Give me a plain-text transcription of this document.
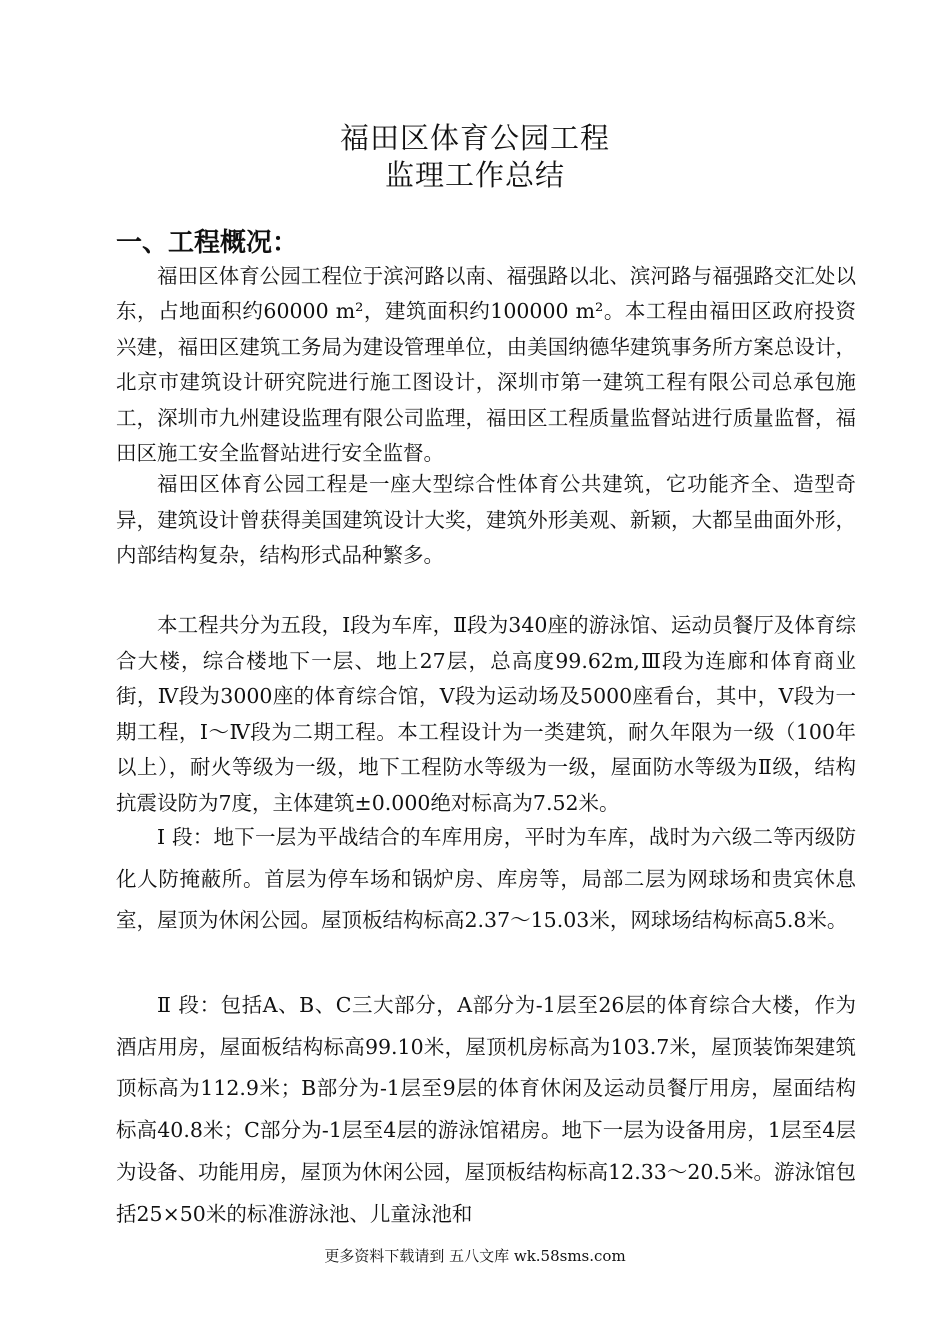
福田区体育公园工程
监理工作总结
一、工程概况：

福田区体育公园工程位于滨河路以南、福强路以北、滨河路与福强路交汇处以东，占地面积约60000 m²，建筑面积约100000 m²。本工程由福田区政府投资兴建，福田区建筑工务局为建设管理单位，由美国纳德华建筑事务所方案总设计，北京市建筑设计研究院进行施工图设计，深圳市第一建筑工程有限公司总承包施工，深圳市九州建设监理有限公司监理，福田区工程质量监督站进行质量监督，福田区施工安全监督站进行安全监督。

福田区体育公园工程是一座大型综合性体育公共建筑，它功能齐全、造型奇异，建筑设计曾获得美国建筑设计大奖，建筑外形美观、新颖，大都呈曲面外形，内部结构复杂，结构形式品种繁多。

本工程共分为五段，Ⅰ段为车库，Ⅱ段为340座的游泳馆、运动员餐厅及体育综合大楼，综合楼地下一层、地上27层，总高度99.62m,Ⅲ段为连廊和体育商业街，Ⅳ段为3000座的体育综合馆，Ⅴ段为运动场及5000座看台，其中，Ⅴ段为一期工程，Ⅰ～Ⅳ段为二期工程。本工程设计为一类建筑，耐久年限为一级（100年以上），耐火等级为一级，地下工程防水等级为一级，屋面防水等级为Ⅱ级，结构抗震设防为7度，主体建筑±0.000绝对标高为7.52米。

Ⅰ 段：地下一层为平战结合的车库用房，平时为车库，战时为六级二等丙级防化人防掩蔽所。首层为停车场和锅炉房、库房等，局部二层为网球场和贵宾休息室，屋顶为休闲公园。屋顶板结构标高2.37～15.03米，网球场结构标高5.8米。

Ⅱ 段：包括A、B、C三大部分，A部分为-1层至26层的体育综合大楼，作为酒店用房，屋面板结构标高99.10米，屋顶机房标高为103.7米，屋顶装饰架建筑顶标高为112.9米；B部分为-1层至9层的体育休闲及运动员餐厅用房，屋面结构标高40.8米；C部分为-1层至4层的游泳馆裙房。地下一层为设备用房，1层至4层为设备、功能用房，屋顶为休闲公园，屋顶板结构标高12.33～20.5米。游泳馆包括25×50米的标准游泳池、儿童泳池和

更多资料下载请到 五八文库 wk.58sms.com
